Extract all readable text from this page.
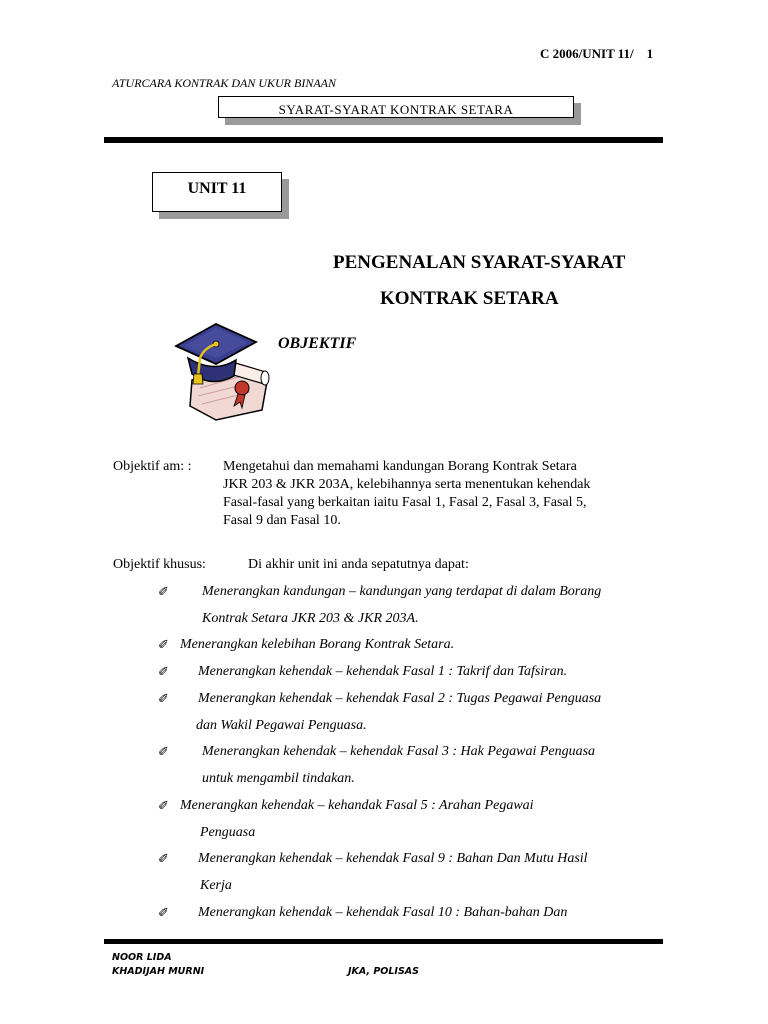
C 2006/UNIT 11/    1
ATURCARA KONTRAK DAN UKUR BINAAN
SYARAT-SYARAT KONTRAK SETARA
UNIT 11
PENGENALAN SYARAT-SYARAT
KONTRAK SETARA
OBJEKTIF
Objektif am: : Mengetahui dan memahami kandungan Borang Kontrak Setara
JKR 203 & JKR 203A, kelebihannya serta menentukan kehendak
Fasal-fasal yang berkaitan iaitu Fasal 1, Fasal 2, Fasal 3, Fasal 5,
Fasal 9 dan Fasal 10.
Objektif khusus:	Di akhir unit ini anda sepatutnya dapat:
✐ Menerangkan kandungan – kandungan yang terdapat di dalam Borang
Kontrak Setara JKR 203 & JKR 203A.
✐ Menerangkan kelebihan Borang Kontrak Setara.
✐ Menerangkan kehendak – kehendak Fasal 1 : Takrif dan Tafsiran.
✐ Menerangkan kehendak – kehendak Fasal 2 : Tugas Pegawai Penguasa
dan Wakil Pegawai Penguasa.
✐ Menerangkan kehendak – kehendak Fasal 3 : Hak Pegawai Penguasa
untuk mengambil tindakan.
✐ Menerangkan kehendak – kehandak Fasal 5 : Arahan Pegawai
Penguasa
✐ Menerangkan kehendak – kehendak Fasal 9 : Bahan Dan Mutu Hasil
Kerja
✐ Menerangkan kehendak – kehendak Fasal 10 : Bahan-bahan Dan
NOOR LIDA
KHADIJAH MURNI	JKA, POLISAS
